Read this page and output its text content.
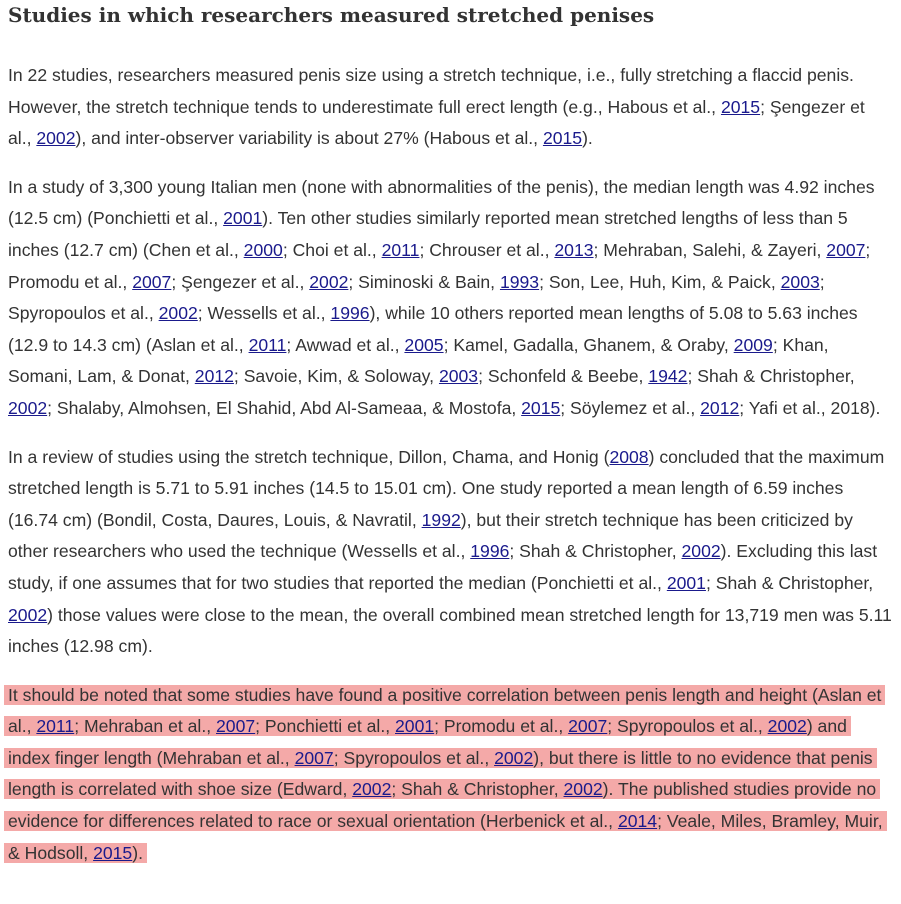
Studies in which researchers measured stretched penises

In 22 studies, researchers measured penis size using a stretch technique, i.e., fully stretching a flaccid penis. However, the stretch technique tends to underestimate full erect length (e.g., Habous et al., 2015; Şengezer et al., 2002), and inter-observer variability is about 27% (Habous et al., 2015).

In a study of 3,300 young Italian men (none with abnormalities of the penis), the median length was 4.92 inches (12.5 cm) (Ponchietti et al., 2001). Ten other studies similarly reported mean stretched lengths of less than 5 inches (12.7 cm) (Chen et al., 2000; Choi et al., 2011; Chrouser et al., 2013; Mehraban, Salehi, & Zayeri, 2007; Promodu et al., 2007; Şengezer et al., 2002; Siminoski & Bain, 1993; Son, Lee, Huh, Kim, & Paick, 2003; Spyropoulos et al., 2002; Wessells et al., 1996), while 10 others reported mean lengths of 5.08 to 5.63 inches (12.9 to 14.3 cm) (Aslan et al., 2011; Awwad et al., 2005; Kamel, Gadalla, Ghanem, & Oraby, 2009; Khan, Somani, Lam, & Donat, 2012; Savoie, Kim, & Soloway, 2003; Schonfeld & Beebe, 1942; Shah & Christopher, 2002; Shalaby, Almohsen, El Shahid, Abd Al-Sameaa, & Mostofa, 2015; Söylemez et al., 2012; Yafi et al., 2018).

In a review of studies using the stretch technique, Dillon, Chama, and Honig (2008) concluded that the maximum stretched length is 5.71 to 5.91 inches (14.5 to 15.01 cm). One study reported a mean length of 6.59 inches (16.74 cm) (Bondil, Costa, Daures, Louis, & Navratil, 1992), but their stretch technique has been criticized by other researchers who used the technique (Wessells et al., 1996; Shah & Christopher, 2002). Excluding this last study, if one assumes that for two studies that reported the median (Ponchietti et al., 2001; Shah & Christopher, 2002) those values were close to the mean, the overall combined mean stretched length for 13,719 men was 5.11 inches (12.98 cm).

It should be noted that some studies have found a positive correlation between penis length and height (Aslan et al., 2011; Mehraban et al., 2007; Ponchietti et al., 2001; Promodu et al., 2007; Spyropoulos et al., 2002) and index finger length (Mehraban et al., 2007; Spyropoulos et al., 2002), but there is little to no evidence that penis length is correlated with shoe size (Edward, 2002; Shah & Christopher, 2002). The published studies provide no evidence for differences related to race or sexual orientation (Herbenick et al., 2014; Veale, Miles, Bramley, Muir, & Hodsoll, 2015).
